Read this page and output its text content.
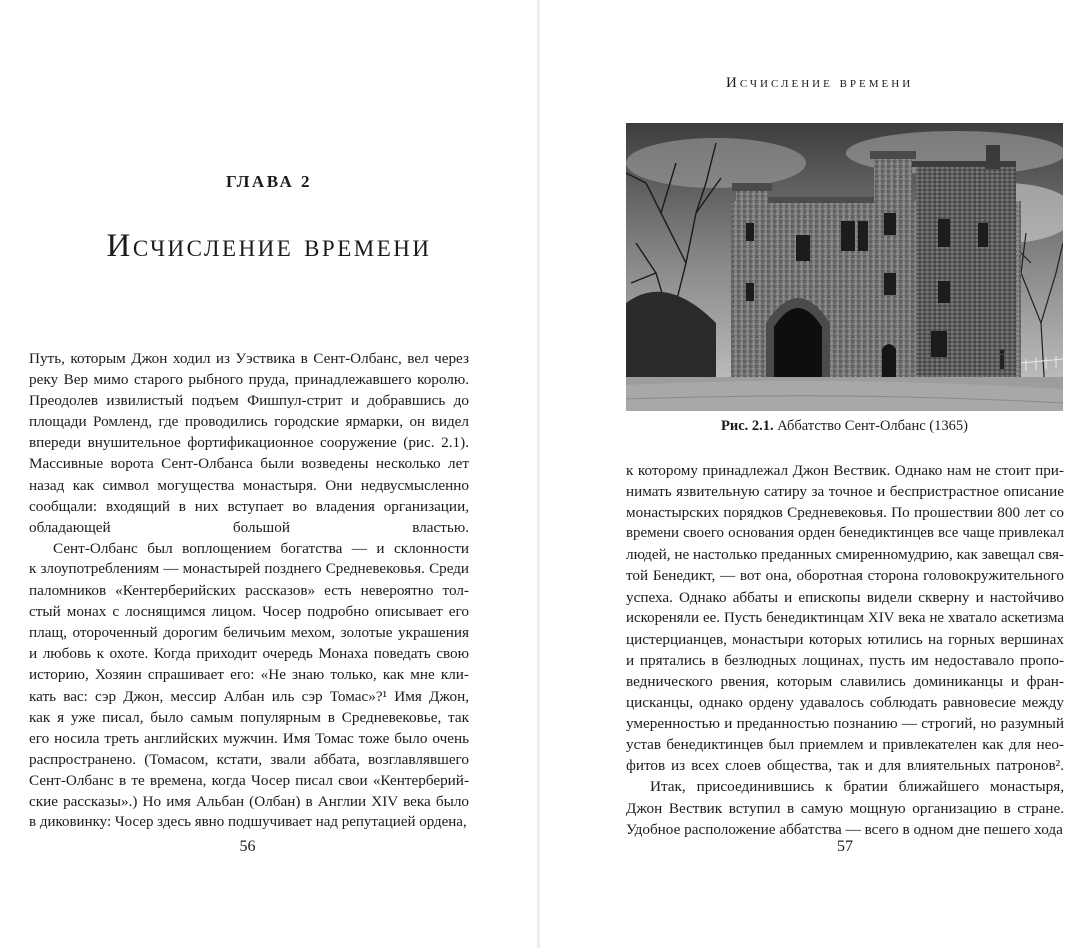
ГЛАВА 2
Исчисление времени
Путь, которым Джон ходил из Уэствика в Сент-Олбанс, вел через
реку Вер мимо старого рыбного пруда, принадлежавшего королю.
Преодолев извилистый подъем Фишпул-стрит и добравшись до
площади Ромленд, где проводились городские ярмарки, он видел
впереди внушительное фортификационное сооружение (рис. 2.1).
Массивные ворота Сент-Олбанса были возведены несколько лет
назад как символ могущества монастыря. Они недвусмысленно
сообщали: входящий в них вступает во владения организации,
обладающей большой властью.
Сент-Олбанс был воплощением богатства — и склонности
к злоупотреблениям — монастырей позднего Средневековья. Среди
паломников «Кентерберийских рассказов» есть невероятно тол-
стый монах с лоснящимся лицом. Чосер подробно описывает его
плащ, отороченный дорогим беличьим мехом, золотые украшения
и любовь к охоте. Когда приходит очередь Монаха поведать свою
историю, Хозяин спрашивает его: «Не знаю только, как мне кли-
кать вас: сэр Джон, мессир Албан иль сэр Томас»?¹ Имя Джон,
как я уже писал, было самым популярным в Средневековье, так
его носила треть английских мужчин. Имя Томас тоже было очень
распространено. (Томасом, кстати, звали аббата, возглавлявшего
Сент-Олбанс в те времена, когда Чосер писал свои «Кентерберий-
ские рассказы».) Но имя Альбан (Олбан) в Англии XIV века было
в диковинку: Чосер здесь явно подшучивает над репутацией ордена,
56
Исчисление времени
Рис. 2.1. Аббатство Сент-Олбанс (1365)
к которому принадлежал Джон Вествик. Однако нам не стоит при-
нимать язвительную сатиру за точное и беспристрастное описание
монастырских порядков Средневековья. По прошествии 800 лет со
времени своего основания орден бенедиктинцев все чаще привлекал
людей, не настолько преданных смиренномудрию, как завещал свя-
той Бенедикт, — вот она, оборотная сторона головокружительного
успеха. Однако аббаты и епископы видели скверну и настойчиво
искореняли ее. Пусть бенедиктинцам XIV века не хватало аскетизма
цистерцианцев, монастыри которых ютились на горных вершинах
и прятались в безлюдных лощинах, пусть им недоставало пропо-
веднического рвения, которым славились доминиканцы и фран-
цисканцы, однако ордену удавалось соблюдать равновесие между
умеренностью и преданностью познанию — строгий, но разумный
устав бенедиктинцев был приемлем и привлекателен как для нео-
фитов из всех слоев общества, так и для влиятельных патронов².
Итак, присоединившись к братии ближайшего монастыря,
Джон Вествик вступил в самую мощную организацию в стране.
Удобное расположение аббатства — всего в одном дне пешего хода
57
